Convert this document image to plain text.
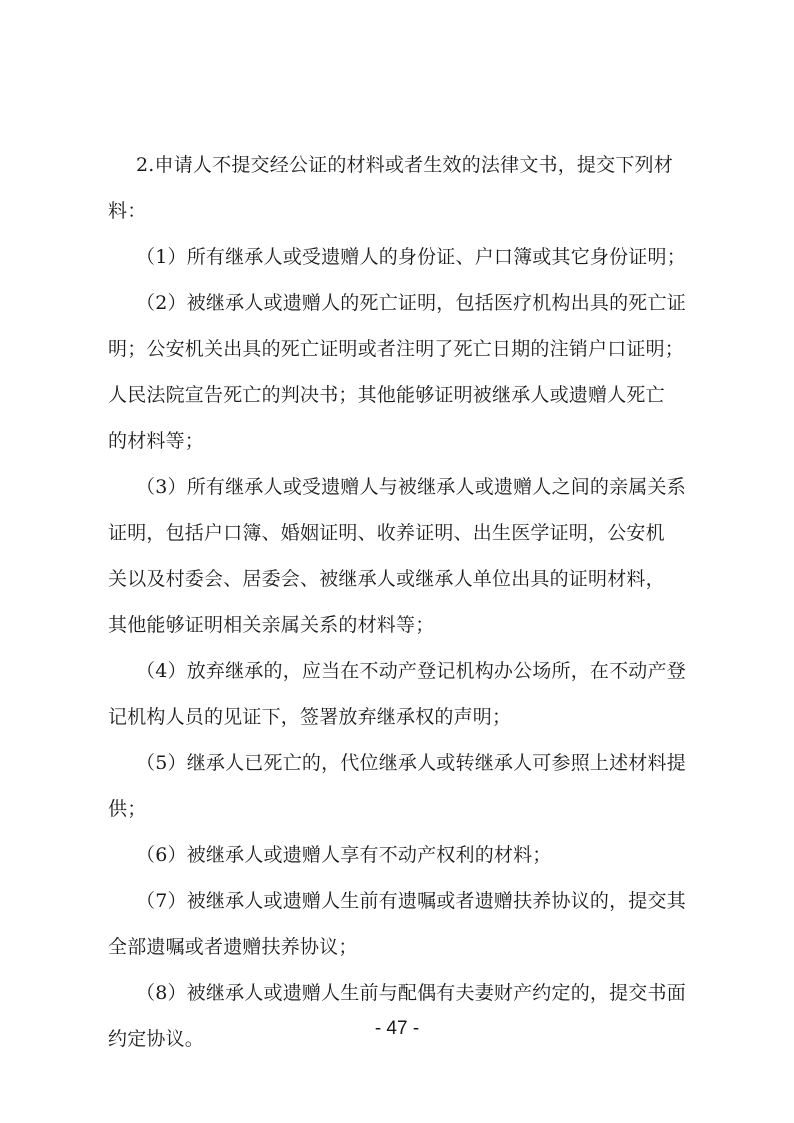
2.申请人不提交经公证的材料或者生效的法律文书，提交下列材
料：

（1）所有继承人或受遗赠人的身份证、户口簿或其它身份证明；

（2）被继承人或遗赠人的死亡证明，包括医疗机构出具的死亡证
明；公安机关出具的死亡证明或者注明了死亡日期的注销户口证明；
人民法院宣告死亡的判决书；其他能够证明被继承人或遗赠人死亡
的材料等；

（3）所有继承人或受遗赠人与被继承人或遗赠人之间的亲属关系
证明，包括户口簿、婚姻证明、收养证明、出生医学证明，公安机
关以及村委会、居委会、被继承人或继承人单位出具的证明材料，
其他能够证明相关亲属关系的材料等；

（4）放弃继承的，应当在不动产登记机构办公场所，在不动产登
记机构人员的见证下，签署放弃继承权的声明；

（5）继承人已死亡的，代位继承人或转继承人可参照上述材料提
供；

（6）被继承人或遗赠人享有不动产权利的材料；

（7）被继承人或遗赠人生前有遗嘱或者遗赠扶养协议的，提交其
全部遗嘱或者遗赠扶养协议；

（8）被继承人或遗赠人生前与配偶有夫妻财产约定的，提交书面
约定协议。	- 47 -
